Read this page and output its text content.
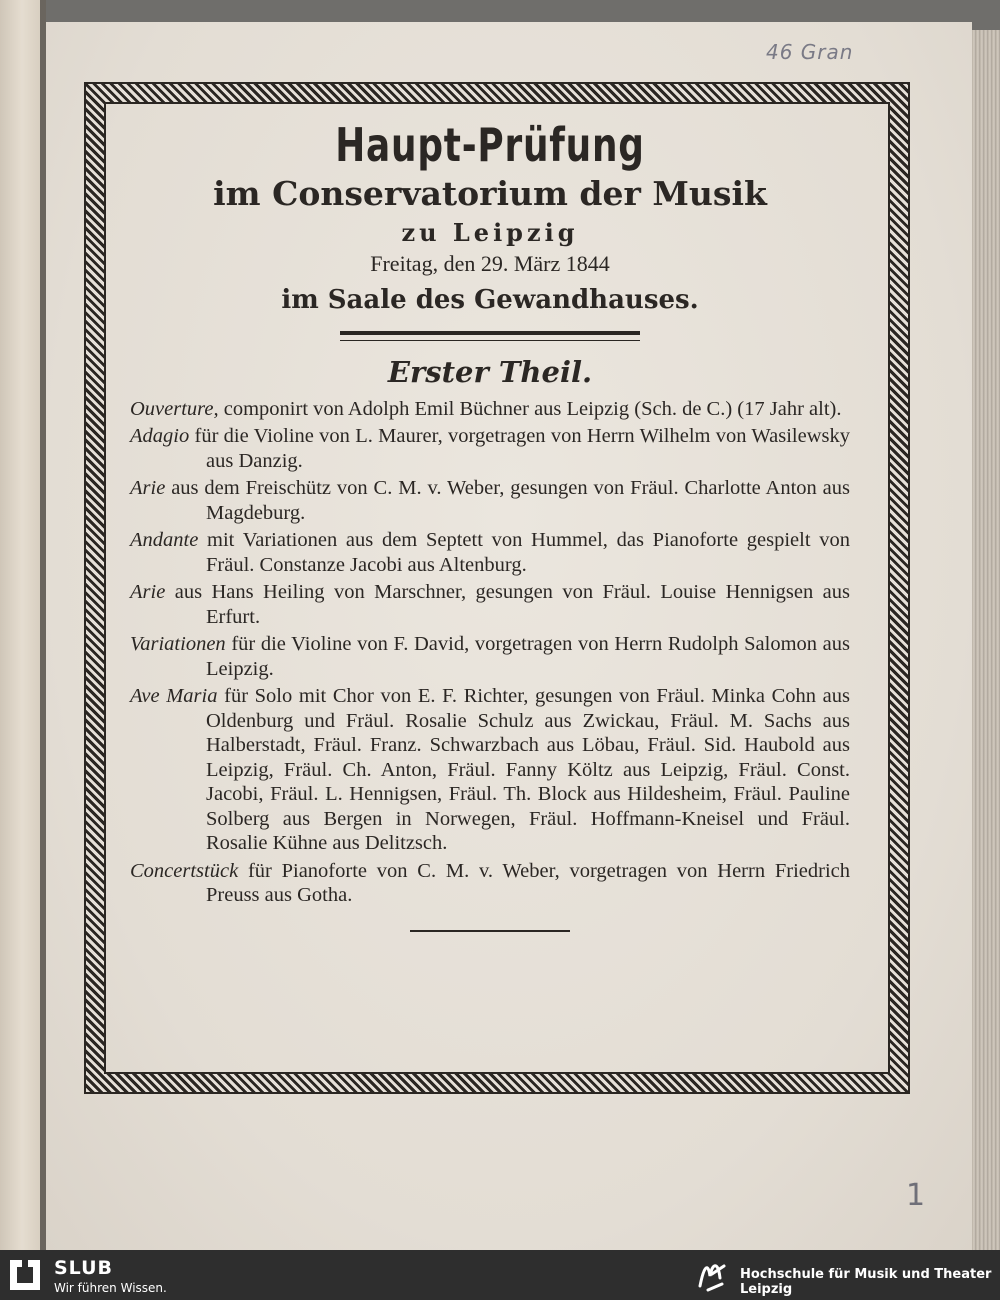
46 Gran
1
Haupt-Prüfung
im Conservatorium der Musik
zu Leipzig
Freitag, den 29. März 1844
im Saale des Gewandhauses.
Erster Theil.
Ouverture, componirt von Adolph Emil Büchner aus Leipzig (Sch. de C.) (17 Jahr alt).
Adagio für die Violine von L. Maurer, vorgetragen von Herrn Wilhelm von Wasilewsky aus Danzig.
Arie aus dem Freischütz von C. M. v. Weber, gesungen von Fräul. Charlotte Anton aus Magdeburg.
Andante mit Variationen aus dem Septett von Hummel, das Pianoforte gespielt von Fräul. Constanze Jacobi aus Altenburg.
Arie aus Hans Heiling von Marschner, gesungen von Fräul. Louise Hennigsen aus Erfurt.
Variationen für die Violine von F. David, vorgetragen von Herrn Rudolph Salomon aus Leipzig.
Ave Maria für Solo mit Chor von E. F. Richter, gesungen von Fräul. Minka Cohn aus Oldenburg und Fräul. Rosalie Schulz aus Zwickau, Fräul. M. Sachs aus Halberstadt, Fräul. Franz. Schwarzbach aus Löbau, Fräul. Sid. Haubold aus Leipzig, Fräul. Ch. Anton, Fräul. Fanny Költz aus Leipzig, Fräul. Const. Jacobi, Fräul. L. Hennigsen, Fräul. Th. Block aus Hildesheim, Fräul. Pauline Solberg aus Bergen in Norwegen, Fräul. Hoffmann-Kneisel und Fräul. Rosalie Kühne aus Delitzsch.
Concertstück für Pianoforte von C. M. v. Weber, vorgetragen von Herrn Friedrich Preuss aus Gotha.
SLUB
Wir führen Wissen.
Hochschule für Musik und Theater Leipzig
